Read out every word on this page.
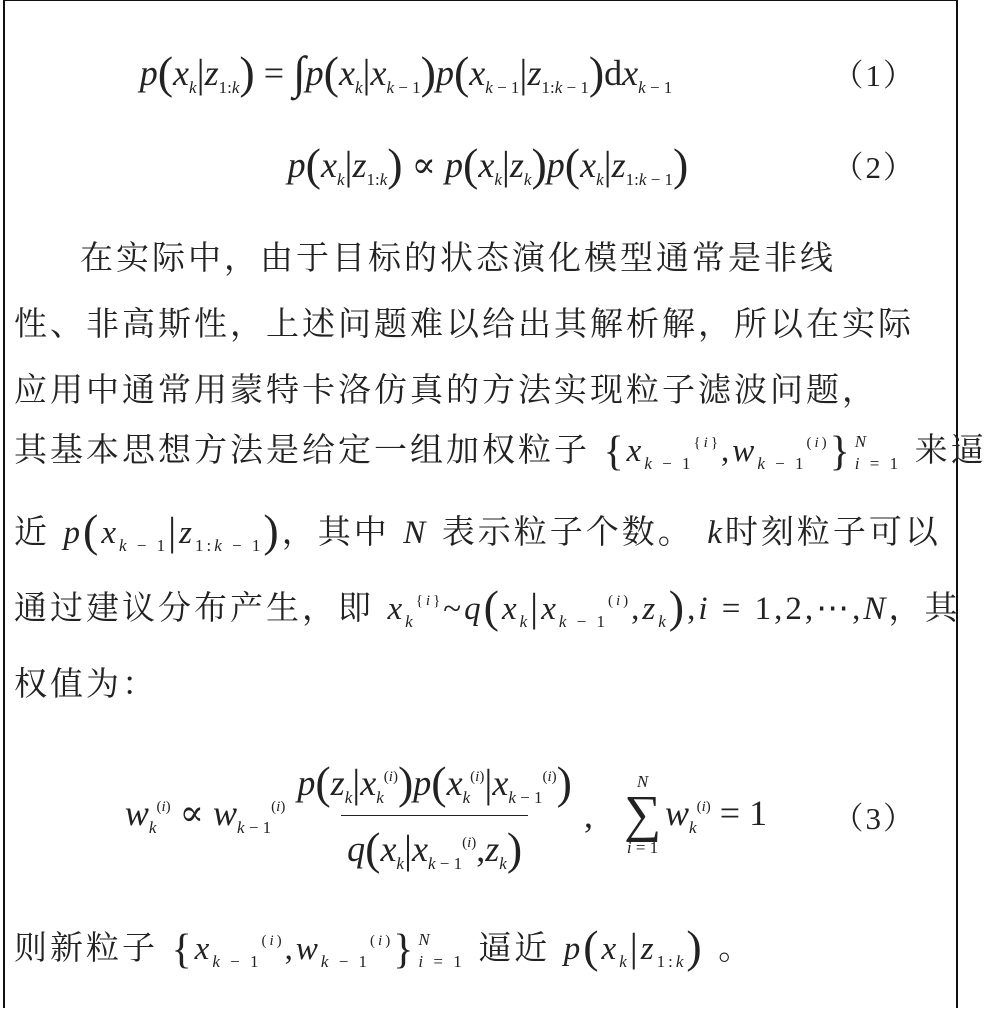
$p(x_k|z_{1:k}) = \int p(x_k|x_{k - 1})p(x_{k - 1}|z_{1:k - 1})dx_{k - 1}$	（1）
$p(x_k|z_{1:k}) \propto p(x_k|z_k)p(x_k|z_{1:k - 1})$	（2）
在实际中，由于目标的状态演化模型通常是非线
性、非高斯性，上述问题难以给出其解析解，所以在实际
应用中通常用蒙特卡洛仿真的方法实现粒子滤波问题，
其基本思想方法是给定一组加权粒子 $\{x_{k - 1}^{\{i\}},w_{k - 1}^{(i)}\}$ N
i = 1 来逼
近 $p(x_{k - 1}|z_{1:k - 1})$，其中 N 表示粒子个数。 k时刻粒子可以
通过建议分布产生，即 $x_k^{\{i\}}\sim q(x_k|x_{k - 1}^{(i)},z_k),i$ = 1,2,⋯,N，其
权值为：
$w_k^{(i)} \propto w_{k - 1}^{(i)} \frac{p(z_k|x_k^{(i)})p(x_k^{(i)}|x_{k - 1}^{(i)})}{q(x_k|x_{k - 1}^{(i)},z_k)}$ ,
N
∑
i = 1
$w_k^{(i)} = 1$ （3）
则新粒子 $\{x_{k - 1}^{(i)},w_{k - 1}^{(i)}\}$ N
i = 1 逼近 $p(x_k|z_{1:k})$ 。
